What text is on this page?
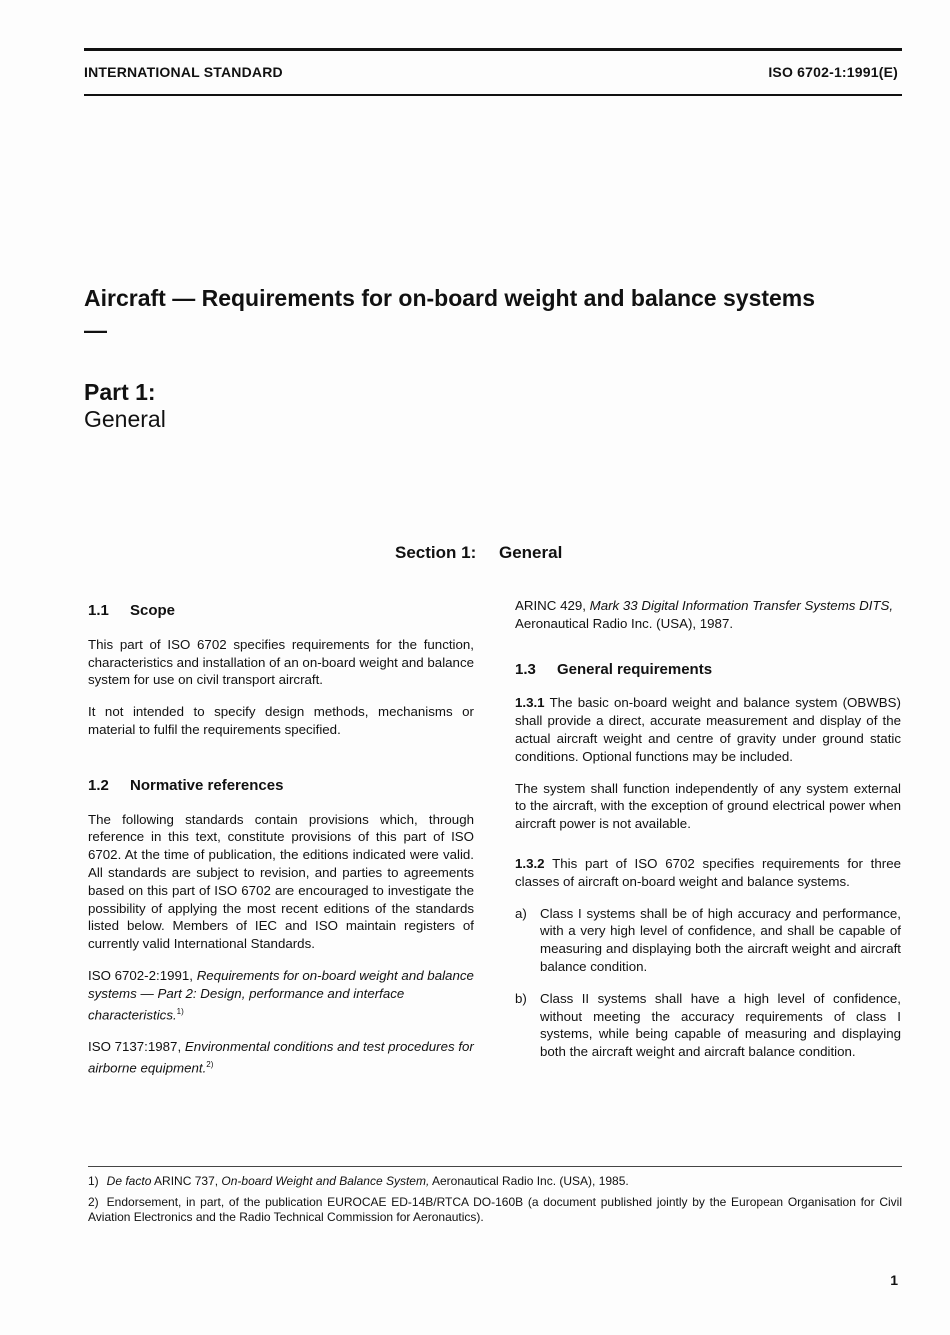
INTERNATIONAL STANDARD	ISO 6702-1:1991(E)
Aircraft — Requirements for on-board weight and balance systems —
Part 1:
General
Section 1: General
1.1 Scope

This part of ISO 6702 specifies requirements for the function, characteristics and installation of an on-board weight and balance system for use on civil transport aircraft.

It not intended to specify design methods, mechanisms or material to fulfil the requirements specified.

1.2 Normative references

The following standards contain provisions which, through reference in this text, constitute provisions of this part of ISO 6702. At the time of publication, the editions indicated were valid. All standards are subject to revision, and parties to agreements based on this part of ISO 6702 are encouraged to investigate the possibility of applying the most recent editions of the standards listed below. Members of IEC and ISO maintain registers of currently valid International Standards.

ISO 6702-2:1991, Requirements for on-board weight and balance systems — Part 2: Design, performance and interface characteristics.$^{1)}$

ISO 7137:1987, Environmental conditions and test procedures for airborne equipment.$^{2)}$

ARINC 429, Mark 33 Digital Information Transfer Systems DITS, Aeronautical Radio Inc. (USA), 1987.

1.3 General requirements

1.3.1 The basic on-board weight and balance system (OBWBS) shall provide a direct, accurate measurement and display of the actual aircraft weight and centre of gravity under ground static conditions. Optional functions may be included.

The system shall function independently of any system external to the aircraft, with the exception of ground electrical power when aircraft power is not available.

1.3.2 This part of ISO 6702 specifies requirements for three classes of aircraft on-board weight and balance systems.

a) Class I systems shall be of high accuracy and performance, with a very high level of confidence, and shall be capable of measuring and displaying both the aircraft weight and aircraft balance condition.
b) Class II systems shall have a high level of confidence, without meeting the accuracy requirements of class I systems, while being capable of measuring and displaying both the aircraft weight and aircraft balance condition.

1) De facto ARINC 737, On-board Weight and Balance System, Aeronautical Radio Inc. (USA), 1985.

2) Endorsement, in part, of the publication EUROCAE ED-14B/RTCA DO-160B (a document published jointly by the European Organisation for Civil Aviation Electronics and the Radio Technical Commission for Aeronautics).

1
